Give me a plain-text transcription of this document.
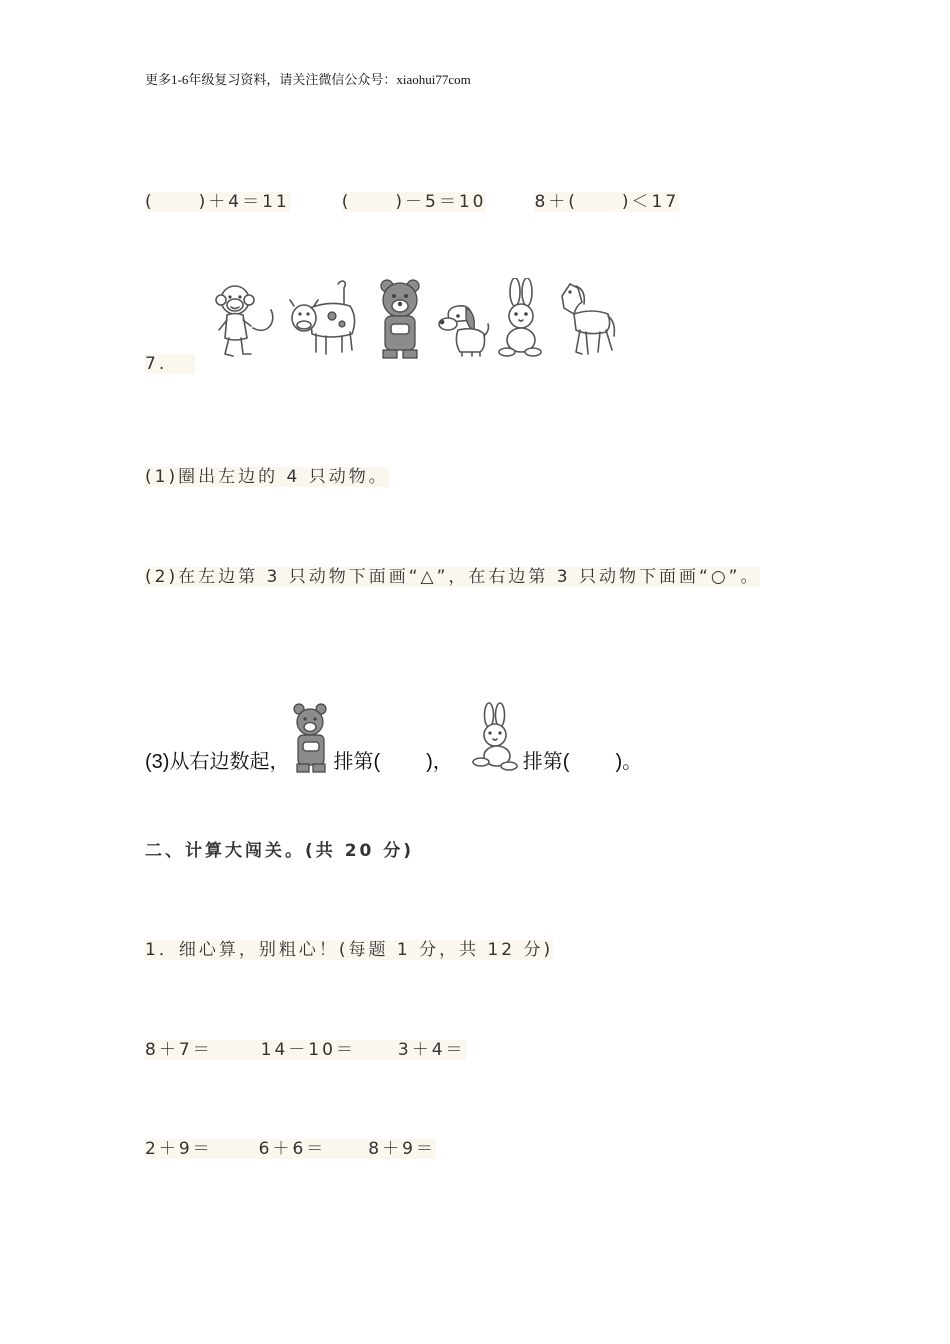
更多1-6年级复习资料，请关注微信公众号：xiaohui77com
(	)＋4＝11	(	)－5＝10	8＋(	)＜17
7.

(1)圈出左边的 4 只动物。
(2)在左边第 3 只动物下面画“△”，在右边第 3 只动物下面画“○”。
(3)从右边数起， 排第( )，	排第( )。
二、计算大闯关。(共 20 分)
1．细心算，别粗心！(每题 1 分，共 12 分)
8＋7＝	14－10＝ 3＋4＝
2＋9＝	6＋6＝ 8＋9＝
